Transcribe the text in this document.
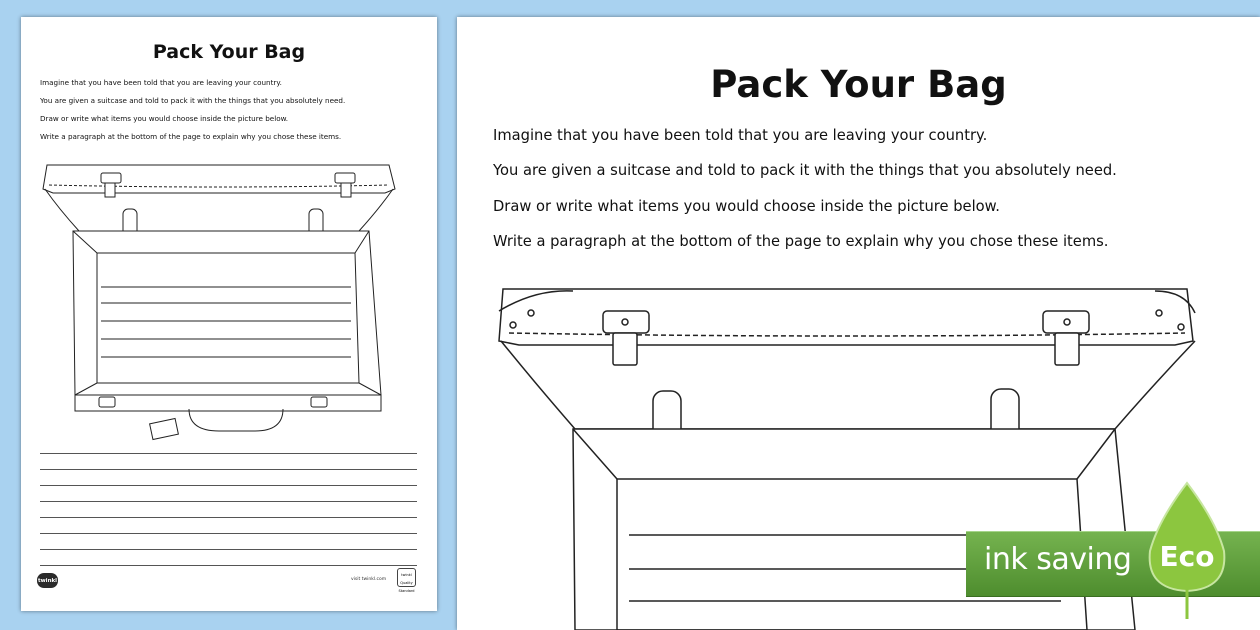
Pack Your Bag
Imagine that you have been told that you are leaving your country.
You are given a suitcase and told to pack it with the things that you absolutely need.
Draw or write what items you would choose inside the picture below.
Write a paragraph at the bottom of the page to explain why you chose these items.
twinkl	visit twinkl.com
twinkl
Quality Standard
Pack Your Bag
Imagine that you have been told that you are leaving your country.
You are given a suitcase and told to pack it with the things that you absolutely need.
Draw or write what items you would choose inside the picture below.
Write a paragraph at the bottom of the page to explain why you chose these items.
ink saving Eco
